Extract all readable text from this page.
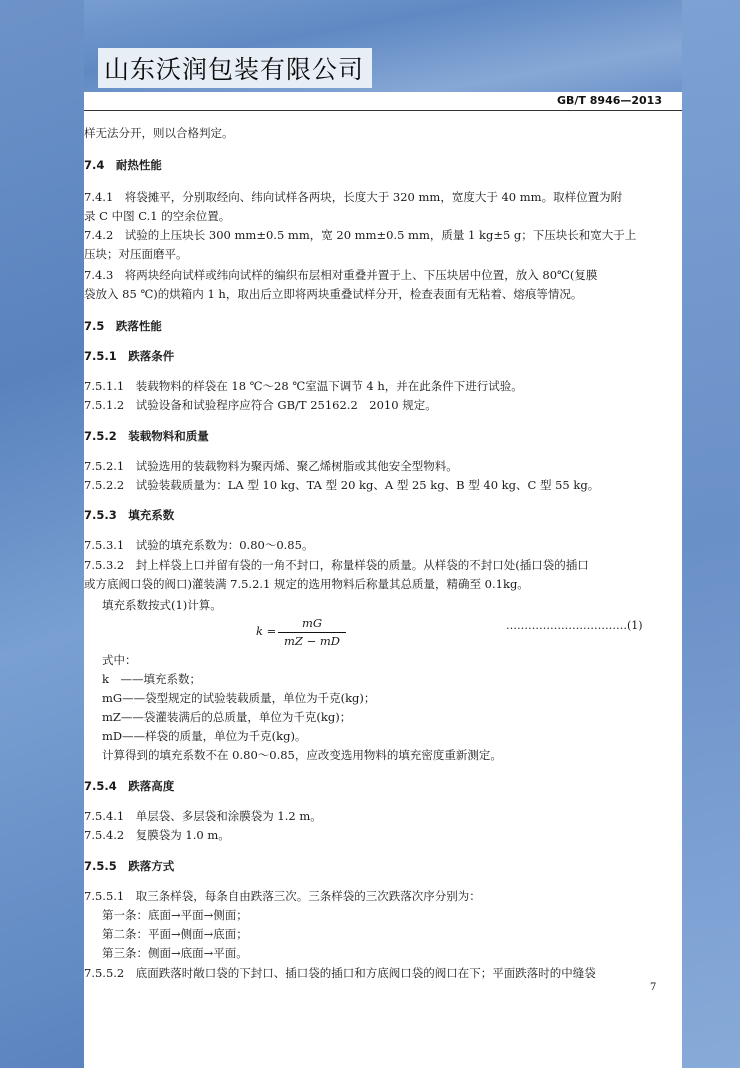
山东沃润包装有限公司
GB/T 8946—2013
样无法分开，则以合格判定。
7.4　耐热性能
7.4.1　将袋摊平，分别取经向、纬向试样各两块，长度大于 320 mm，宽度大于 40 mm。取样位置为附
录 C 中图 C.1 的空余位置。
7.4.2　试验的上压块长 300 mm±0.5 mm，宽 20 mm±0.5 mm，质量 1 kg±5 g；下压块长和宽大于上
压块；对压面磨平。
7.4.3　将两块经向试样或纬向试样的编织布层相对重叠并置于上、下压块居中位置，放入 80℃(复膜
袋放入 85 ℃)的烘箱内 1 h，取出后立即将两块重叠试样分开，检查表面有无粘着、熔痕等情况。
7.5　跌落性能
7.5.1　跌落条件
7.5.1.1　装载物料的样袋在 18 ℃～28 ℃室温下调节 4 h，并在此条件下进行试验。
7.5.1.2　试验设备和试验程序应符合 GB/T 25162.2　2010 规定。
7.5.2　装载物料和质量
7.5.2.1　试验选用的装载物料为聚丙烯、聚乙烯树脂或其他安全型物料。
7.5.2.2　试验装载质量为：LA 型 10 kg、TA 型 20 kg、A 型 25 kg、B 型 40 kg、C 型 55 kg。
7.5.3　填充系数
7.5.3.1　试验的填充系数为：0.80～0.85。
7.5.3.2　封上样袋上口并留有袋的一角不封口，称量样袋的质量。从样袋的不封口处(插口袋的插口
或方底阀口袋的阀口)灌装满 7.5.2.1 规定的选用物料后称量其总质量，精确至 0.1kg。
填充系数按式(1)计算。
式中：
k　——填充系数；
mG——袋型规定的试验装载质量，单位为千克(kg)；
mZ——袋灌装满后的总质量，单位为千克(kg)；
mD——样袋的质量，单位为千克(kg)。
计算得到的填充系数不在 0.80～0.85，应改变选用物料的填充密度重新测定。
7.5.4　跌落高度
7.5.4.1　单层袋、多层袋和涂膜袋为 1.2 m。
7.5.4.2　复膜袋为 1.0 m。
7.5.5　跌落方式
7.5.5.1　取三条样袋，每条自由跌落三次。三条样袋的三次跌落次序分别为：
第一条：底面→平面→侧面；
第二条：平面→侧面→底面；
第三条：侧面→底面→平面。
7.5.5.2　底面跌落时敞口袋的下封口、插口袋的插口和方底阀口袋的阀口在下；平面跌落时的中缝袋
k =
mG
mZ − mD
……………………………(1)
7
